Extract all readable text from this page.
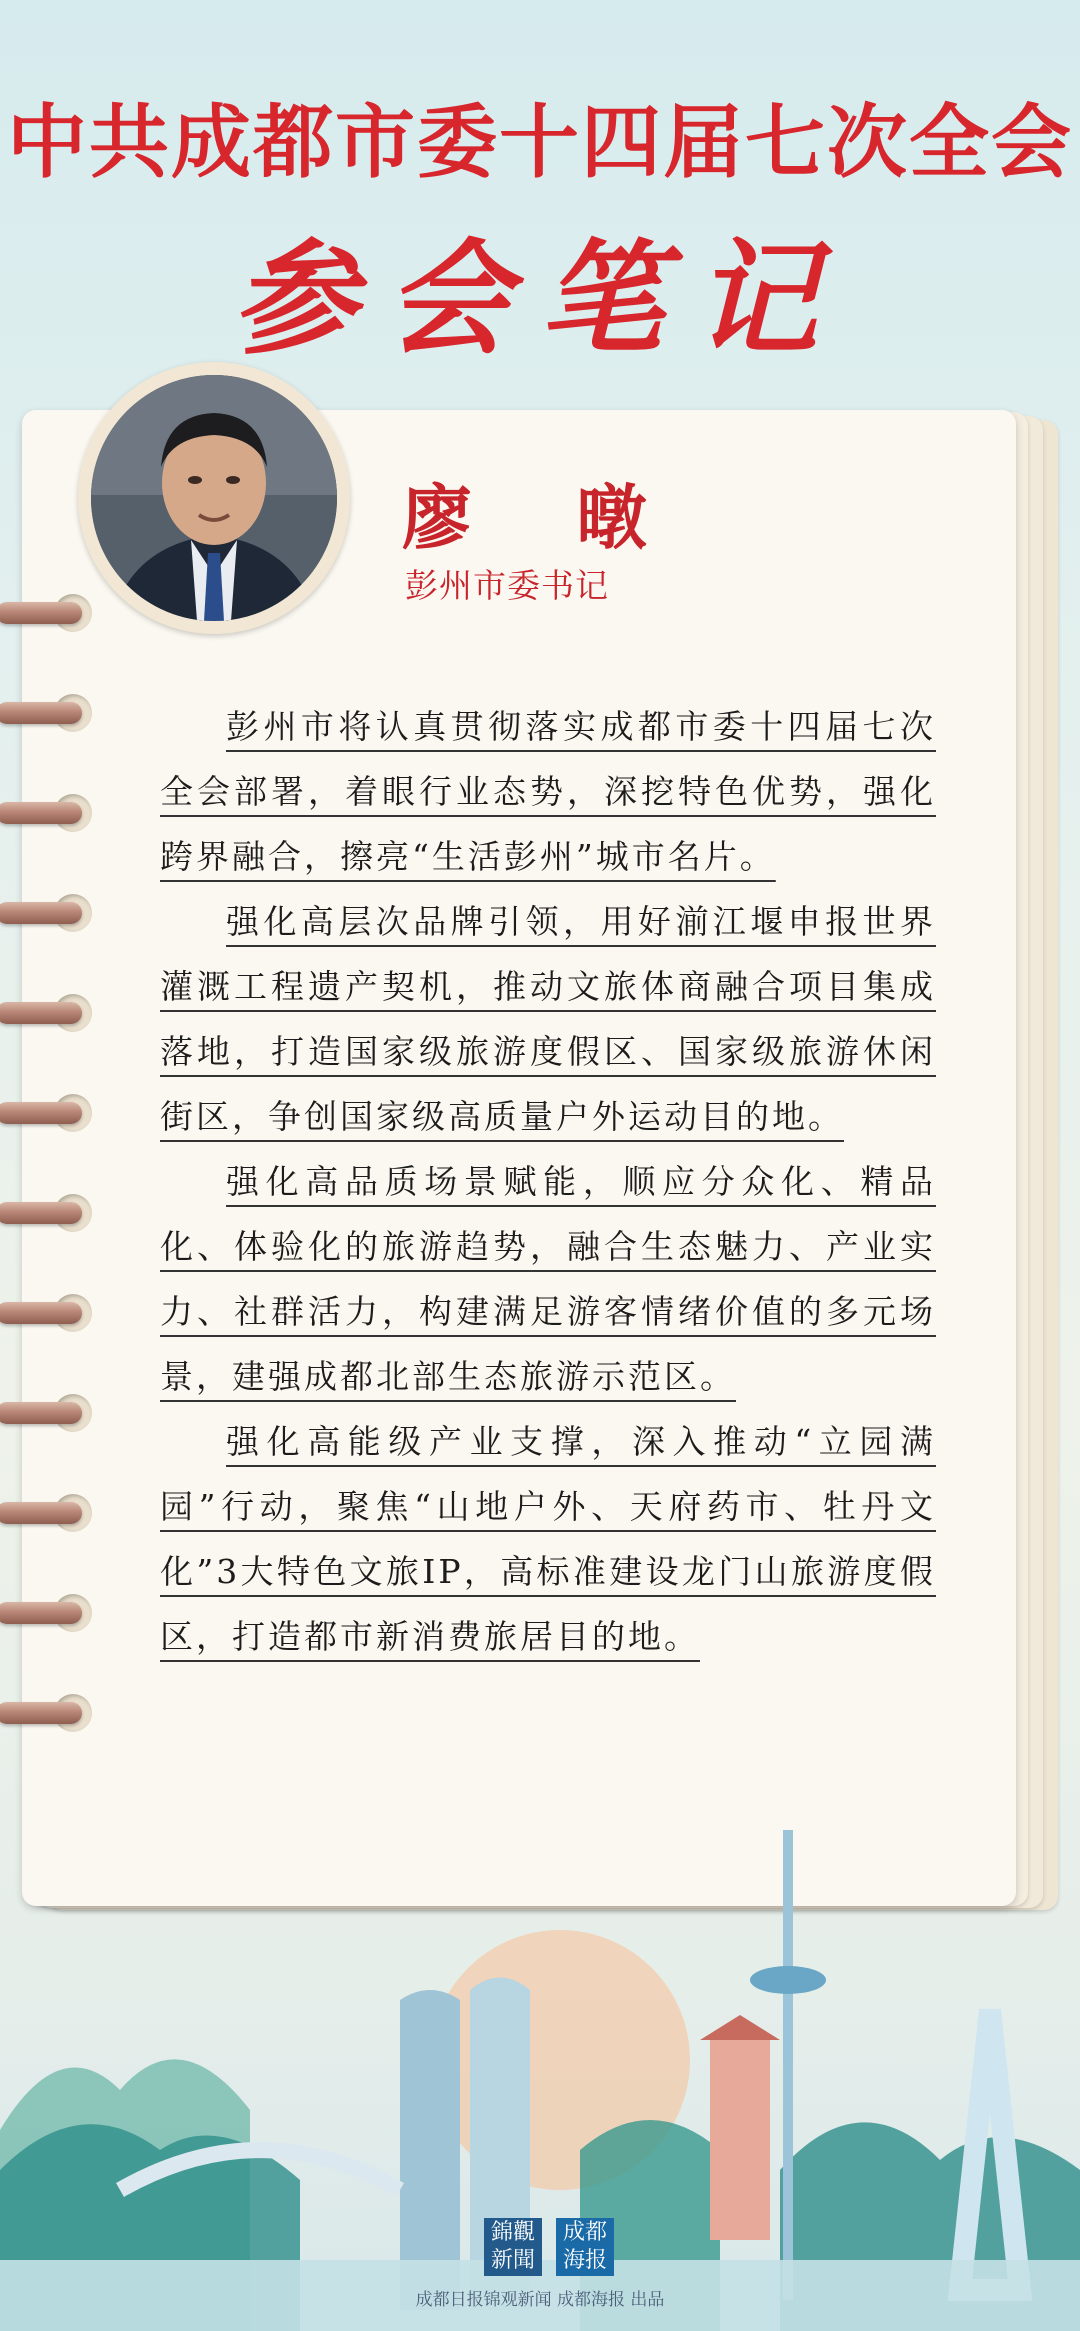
中共成都市委十四届七次全会
参会笔记
廖 暾
彭州市委书记

彭州市将认真贯彻落实成都市委十四届七次全会部署，着眼行业态势，深挖特色优势，强化跨界融合，擦亮“生活彭州”城市名片。

强化高层次品牌引领，用好湔江堰申报世界灌溉工程遗产契机，推动文旅体商融合项目集成落地，打造国家级旅游度假区、国家级旅游休闲街区，争创国家级高质量户外运动目的地。

强化高品质场景赋能，顺应分众化、精品化、体验化的旅游趋势，融合生态魅力、产业实力、社群活力，构建满足游客情绪价值的多元场景，建强成都北部生态旅游示范区。

强化高能级产业支撑，深入推动“立园满园”行动，聚焦“山地户外、天府药市、牡丹文化”3大特色文旅IP，高标准建设龙门山旅游度假区，打造都市新消费旅居目的地。

錦觀新聞
成都海报
成都日报锦观新闻 成都海报 出品
